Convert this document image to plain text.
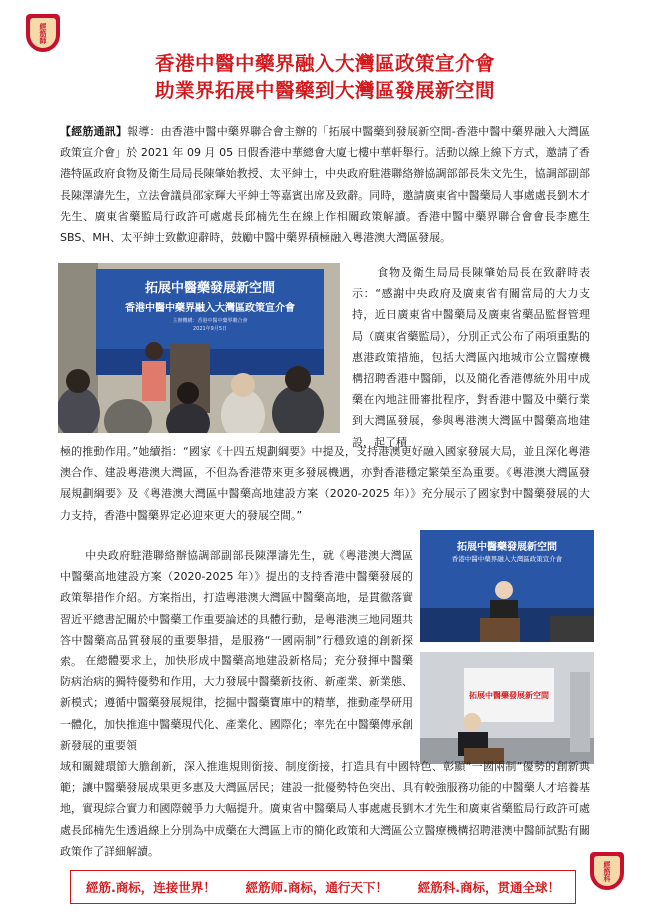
經筋師
經筋科
香港中醫中藥界融入大灣區政策宣介會
助業界拓展中醫藥到大灣區發展新空間
【經筋通訊】報導：由香港中醫中藥界聯合會主辦的「拓展中醫藥到發展新空間-香港中醫中藥界融入大灣區政策宣介會」於 2021 年 09 月 05 日假香港中華總會大廈七樓中華軒舉行。活動以線上線下方式，邀請了香港特區政府食物及衛生局局長陳肇始教授、太平紳士，中央政府駐港聯絡辦協調部部長朱文先生，協調部副部長陳澤濤先生，立法會議員邵家輝大平紳士等嘉賓出席及致辭。同時，邀請廣東省中醫藥局人事處處長劉木才先生、廣東省藥監局行政許可處處長邱楠先生在線上作相關政策解讀。香港中醫中藥界聯合會會長李應生 SBS、MH、太平紳士致歡迎辭時，鼓勵中醫中藥界積極融入粵港澳大灣區發展。
拓展中醫藥發展新空間
香港中醫中藥界融入大灣區政策宣介會
主辦機構：香港中醫中藥界聯合會
2021年9月5日
食物及衛生局局長陳肇始局長在致辭時表示：“感謝中央政府及廣東省有關當局的大力支持，近日廣東省中醫藥局及廣東省藥品監督管理局（廣東省藥監局），分別正式公布了兩項重點的惠港政策措施，包括大灣區內地城市公立醫療機構招聘香港中醫師，以及簡化香港傳統外用中成藥在內地註冊審批程序，對香港中醫及中藥行業到大灣區發展，參與粵港澳大灣區中醫藥高地建設，起了積
極的推動作用。”她續指：“國家《十四五規劃綱要》中提及，支持港澳更好融入國家發展大局，並且深化粵港澳合作、建設粵港澳大灣區，不但為香港帶來更多發展機遇，亦對香港穩定繁榮至為重要。《粵港澳大灣區發展規劃綱要》及《粵港澳大灣區中醫藥高地建設方案（2020-2025 年）》充分展示了國家對中醫藥發展的大力支持，香港中醫藥界定必迎來更大的發展空間。”
拓展中醫藥發展新空間
香港中醫中藥界融入大灣區政策宣介會
中央政府駐港聯絡辦協調部副部長陳澤濤先生，就《粵港澳大灣區中醫藥高地建設方案（2020-2025 年）》提出的支持香港中醫藥發展的政策舉措作介紹。方案指出，打造粵港澳大灣區中醫藥高地，是貫徹落實習近平總書記關於中醫藥工作重要論述的具體行動，是粵港澳三地同題共答中醫藥高品質發展的重要舉措，是服務“一國兩制”行穩致遠的創新探索。
拓展中醫藥發展新空間
在總體要求上，加快形成中醫藥高地建設新格局；充分發揮中醫藥防病治病的獨特優勢和作用，大力發展中醫藥新技術、新產業、新業態、新模式；遵循中醫藥發展規律，挖掘中醫藥寶庫中的精華，推動產學研用一體化，加快推進中醫藥現代化、產業化、國際化；率先在中醫藥傳承創新發展的重要領
域和關鍵環節大膽創新，深入推進規則銜接、制度銜接，打造具有中國特色、彰顯“一國兩制”優勢的創新典範；讓中醫藥發展成果更多惠及大灣區居民；建設一批優勢特色突出、具有較強服務功能的中醫藥人才培養基地，實現綜合實力和國際競爭力大幅提升。廣東省中醫藥局人事處處長劉木才先生和廣東省藥監局行政許可處處長邱楠先生透過線上分別為中成藥在大灣區上市的簡化政策和大灣區公立醫療機構招聘港澳中醫師試點有關政策作了詳細解讀。
經筋.商标，连接世界！ 經筋师.商标，通行天下！ 經筋科.商标，贯通全球！
